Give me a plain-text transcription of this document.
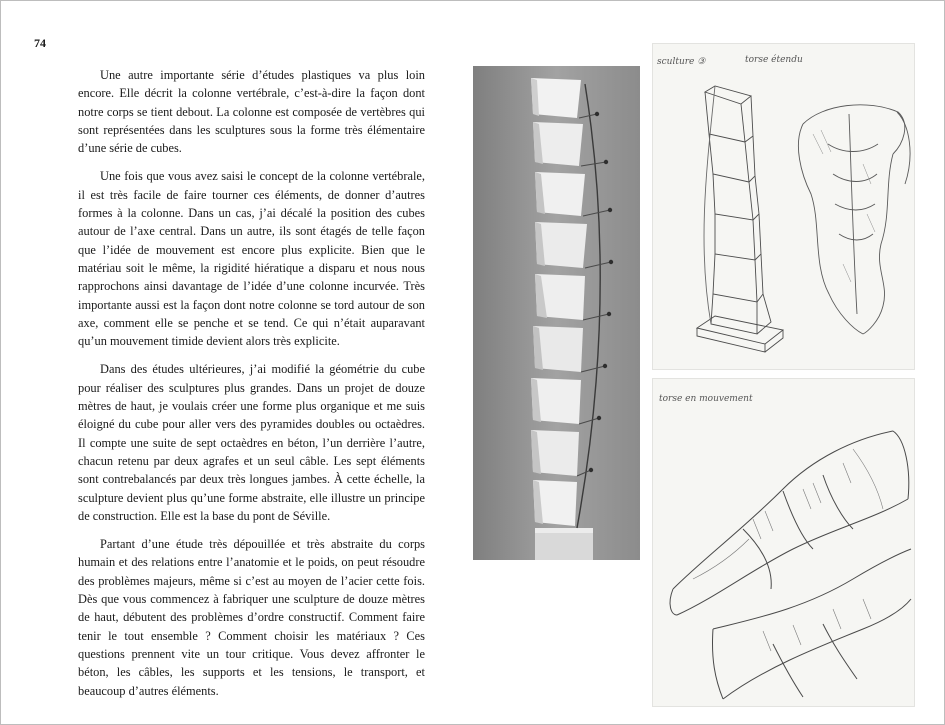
74

Une autre importante série d’études plastiques va plus loin encore. Elle décrit la colonne vertébrale, c’est-à-dire la façon dont notre corps se tient debout. La colonne est composée de vertèbres qui sont représentées dans les sculptures sous la forme très élémentaire d’une série de cubes.

Une fois que vous avez saisi le concept de la colonne vertébrale, il est très facile de faire tourner ces éléments, de donner d’autres formes à la colonne. Dans un cas, j’ai décalé la position des cubes autour de l’axe central. Dans un autre, ils sont étagés de telle façon que l’idée de mouvement est encore plus explicite. Bien que le matériau soit le même, la rigidité hiératique a disparu et nous nous rapprochons ainsi davantage de l’idée d’une colonne incurvée. Très importante aussi est la façon dont notre colonne se tord autour de son axe, comment elle se penche et se tend. Ce qui n’était auparavant qu’un mouvement timide devient alors très explicite.

Dans des études ultérieures, j’ai modifié la géométrie du cube pour réaliser des sculptures plus grandes. Dans un projet de douze mètres de haut, je voulais créer une forme plus organique et me suis éloigné du cube pour aller vers des pyramides doubles ou octaèdres. Il compte une suite de sept octaèdres en béton, l’un derrière l’autre, chacun retenu par deux agrafes et un seul câble. Les sept éléments sont contrebalancés par deux très longues jambes. À cette échelle, la sculpture devient plus qu’une forme abstraite, elle illustre un principe de construction. Elle est la base du pont de Séville.

Partant d’une étude très dépouillée et très abstraite du corps humain et des relations entre l’anatomie et le poids, on peut résoudre des problèmes majeurs, même si c’est au moyen de l’acier cette fois. Dès que vous commencez à fabriquer une sculpture de douze mètres de haut, débutent des problèmes d’ordre constructif. Comment faire tenir le tout ensemble ? Comment choisir les matériaux ? Ces questions prennent vite un tour critique. Vous devez affronter le béton, les câbles, les supports et les tensions, le transport, et beaucoup d’autres éléments.

sculture ③	torse étendu
torse en mouvement
